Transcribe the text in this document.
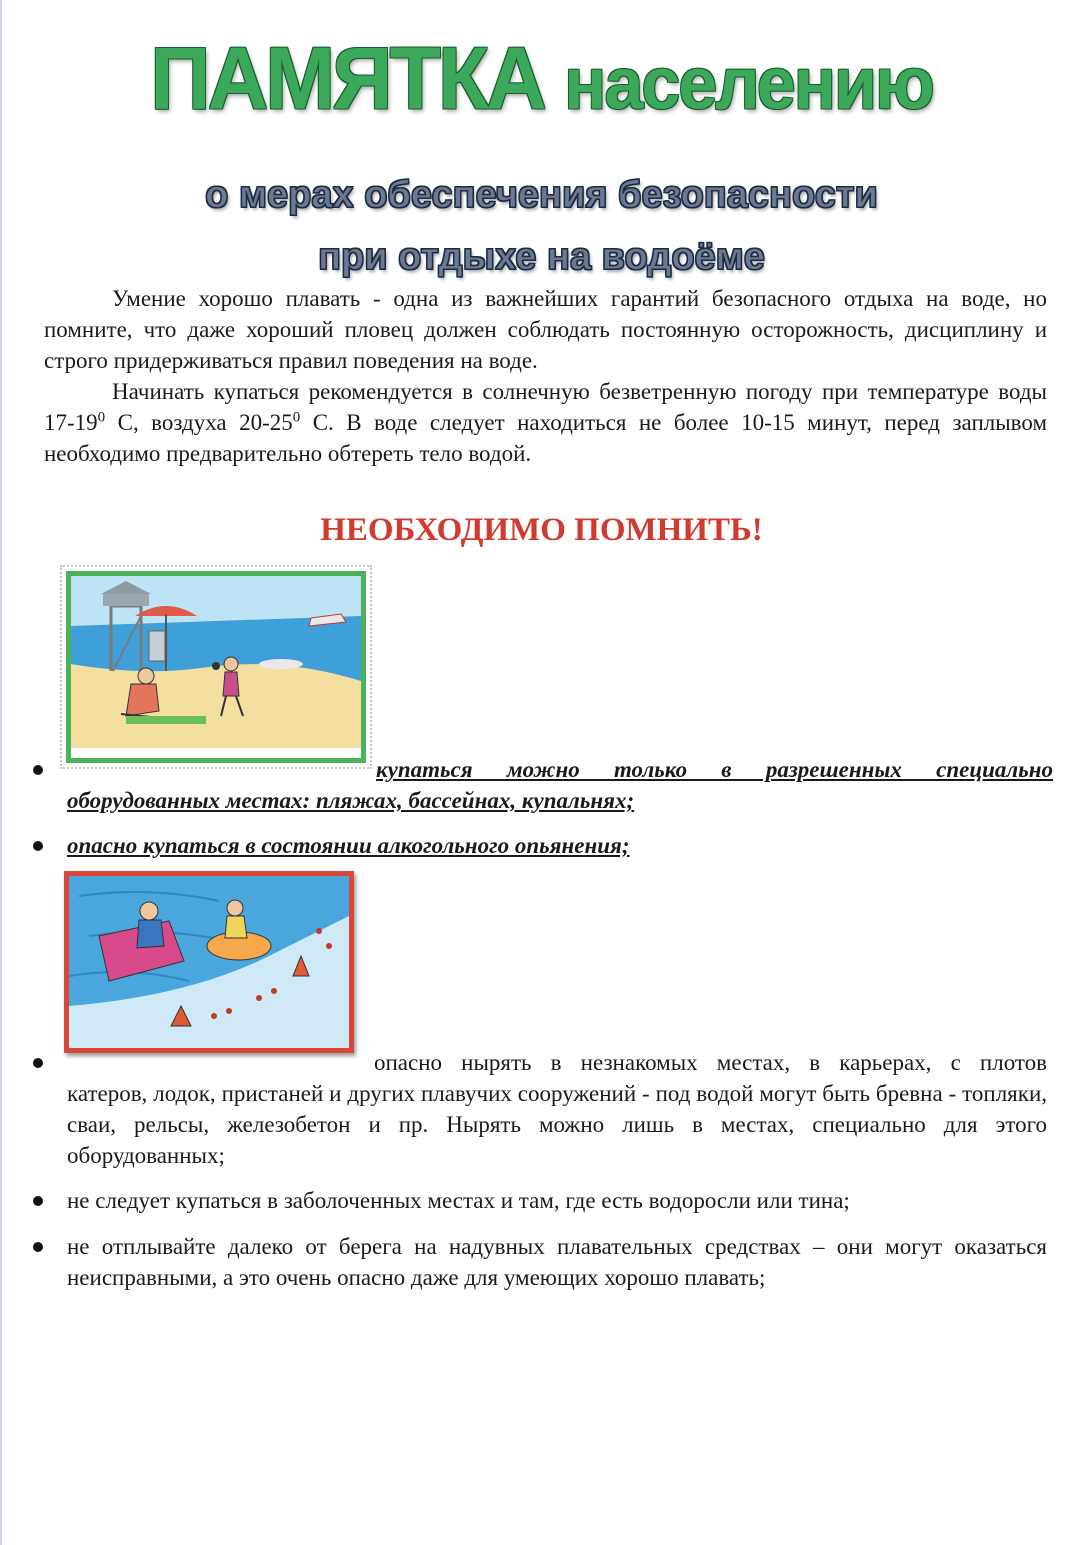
ПАМЯТКА населению
о мерах обеспечения безопасности
при отдыхе на водоёме
Умение хорошо плавать - одна из важнейших гарантий безопасного отдыха на воде, но помните, что даже хороший пловец должен соблюдать постоянную осторожность, дисциплину и строго придерживаться правил поведения на воде.
Начинать купаться рекомендуется в солнечную безветренную погоду при температуре воды $17-19^0$ С, воздуха $20-25^0$ С. В воде следует находиться не более 10-15 минут, перед заплывом необходимо предварительно обтереть тело водой.
НЕОБХОДИМО ПОМНИТЬ!
купаться можно только в разрешенных специально
оборудованных местах: пляжах, бассейнах, купальнях;
опасно купаться в состоянии алкогольного опьянения;
опасно нырять в незнакомых местах, в карьерах, с плотов
катеров, лодок, пристаней и других плавучих сооружений - под водой могут быть бревна - топляки, сваи, рельсы, железобетон и пр. Нырять можно лишь в местах, специально для этого оборудованных;
не следует купаться в заболоченных местах и там, где есть водоросли или тина;
не отплывайте далеко от берега на надувных плавательных средствах – они могут оказаться неисправными, а это очень опасно даже для умеющих хорошо плавать;
